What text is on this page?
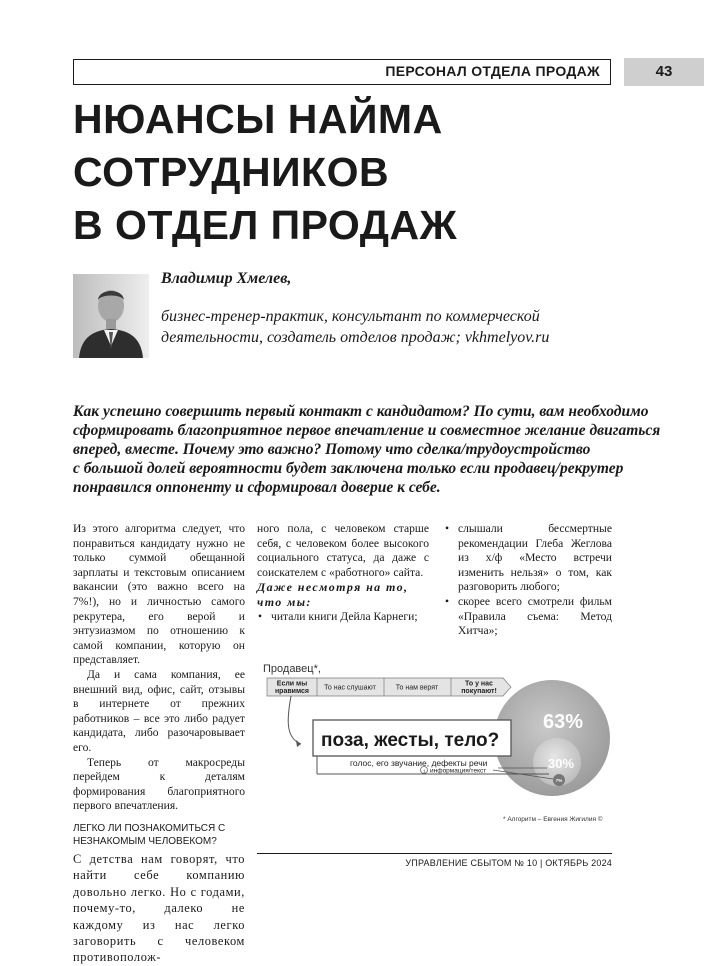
ПЕРСОНАЛ ОТДЕЛА ПРОДАЖ	43
НЮАНСЫ НАЙМА
СОТРУДНИКОВ
В ОТДЕЛ ПРОДАЖ
Владимир Хмелев,
бизнес-тренер-практик, консультант по коммерческой
деятельности, создатель отделов продаж; vkhmelyov.ru
Как успешно совершить первый контакт с кандидатом? По сути, вам необходимо
сформировать благоприятное первое впечатление и совместное желание двигаться
вперед, вместе. Почему это важно? Потому что сделка/трудоустройство
с большой долей вероятности будет заключена только если продавец/рекрутер
понравился оппоненту и сформировал доверие к себе.

Из этого алгоритма следует, что понравиться кандидату нужно не только суммой обещанной зарплаты и текстовым описанием вакансии (это важно всего на 7%!), но и личностью самого рекрутера, его верой и энтузиазмом по отношению к самой компании, которую он представляет.

Да и сама компания, ее внешний вид, офис, сайт, отзывы в интернете от прежних работников – все это либо радует кандидата, либо разочаровывает его.

Теперь от макросреды перейдем к деталям формирования благоприятного первого впечатления.

ЛЕГКО ЛИ ПОЗНАКОМИТЬСЯ С НЕЗНАКОМЫМ ЧЕЛОВЕКОМ?

С детства нам говорят, что найти себе компанию довольно легко. Но с годами, почему-то, далеко не каждому из нас легко заговорить с человеком противополож-

ного пола, с человеком старше себя, с человеком более высокого социального статуса, да даже с соискателем с «работного» сайта.

Даже несмотря на то, что мы:

• читали книги Дейла Карнеги;
• слышали бессмертные рекомендации Глеба Жеглова из х/ф «Место встречи изменить нельзя» о том, как разговорить любого;
• скорее всего смотрели фильм «Правила съема: Метод Хитча»;
Продавец*,
Если мы нравимся То нас слушают	То нам верят
То у нас покупают!
63%
30%
7%
поза, жесты, тело?
голос, его звучание, дефекты речи
1 информация/текст
* Алгоритм – Евгения Жигилия ©
УПРАВЛЕНИЕ СБЫТОМ № 10 | ОКТЯБРЬ 2024
